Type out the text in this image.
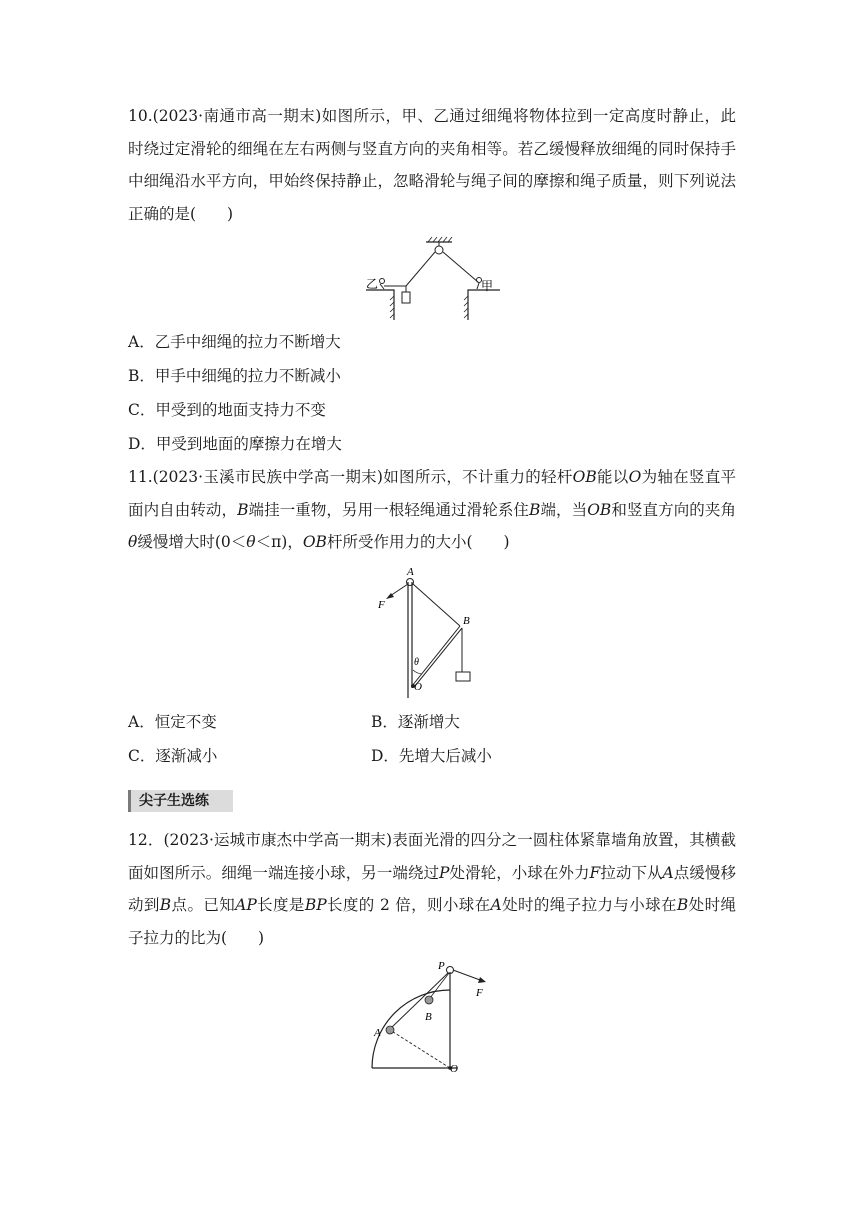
10.(2023·南通市高一期末)如图所示，甲、乙通过细绳将物体拉到一定高度时静止，此时绕过定滑轮的细绳在左右两侧与竖直方向的夹角相等。若乙缓慢释放细绳的同时保持手中细绳沿水平方向，甲始终保持静止，忽略滑轮与绳子间的摩擦和绳子质量，则下列说法正确的是(　　)
乙	甲
A．乙手中细绳的拉力不断增大
B．甲手中细绳的拉力不断减小
C．甲受到的地面支持力不变
D．甲受到地面的摩擦力在增大
11.(2023·玉溪市民族中学高一期末)如图所示，不计重力的轻杆OB能以O为轴在竖直平面内自由转动，B端挂一重物，另用一根轻绳通过滑轮系住B端，当OB和竖直方向的夹角θ缓慢增大时(0＜θ＜π)，OB杆所受作用力的大小(　　)
A
F
B
θ
O
A．恒定不变	B．逐渐增大
C．逐渐减小	D．先增大后减小
尖子生选练
12．(2023·运城市康杰中学高一期末)表面光滑的四分之一圆柱体紧靠墙角放置，其横截面如图所示。细绳一端连接小球，另一端绕过P处滑轮，小球在外力F拉动下从A点缓慢移动到B点。已知AP长度是BP长度的 2 倍，则小球在A处时的绳子拉力与小球在B处时绳子拉力的比为(　　)
P
F
A
B
O
